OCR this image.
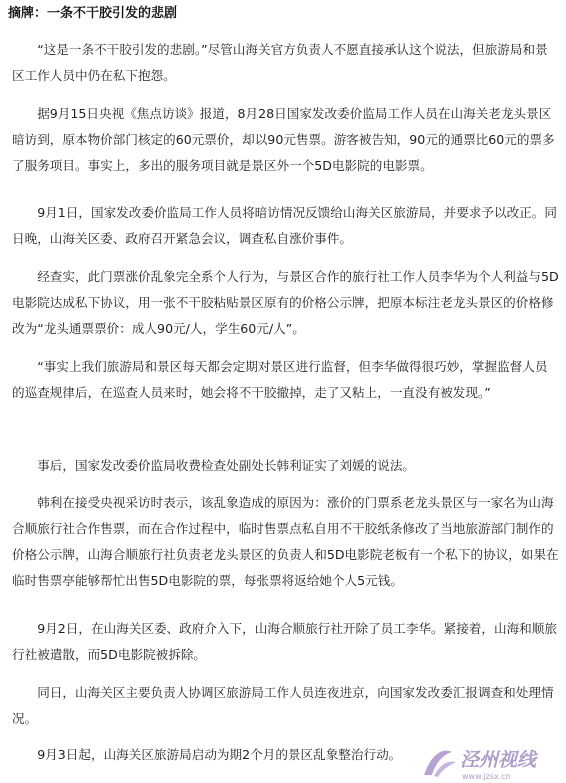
摘牌：一条不干胶引发的悲剧

“这是一条不干胶引发的悲剧。”尽管山海关官方负责人不愿直接承认这个说法，但旅游局和景区工作人员中仍在私下抱怨。

据9月15日央视《焦点访谈》报道，8月28日国家发改委价监局工作人员在山海关老龙头景区暗访到，原本物价部门核定的60元票价，却以90元售票。游客被告知，90元的通票比60元的票多了服务项目。事实上，多出的服务项目就是景区外一个5D电影院的电影票。

9月1日，国家发改委价监局工作人员将暗访情况反馈给山海关区旅游局，并要求予以改正。同日晚，山海关区委、政府召开紧急会议，调查私自涨价事件。

经查实，此门票涨价乱象完全系个人行为，与景区合作的旅行社工作人员李华为个人利益与5D电影院达成私下协议，用一张不干胶粘贴景区原有的价格公示牌，把原本标注老龙头景区的价格修改为“龙头通票票价：成人90元/人，学生60元/人”。

“事实上我们旅游局和景区每天都会定期对景区进行监督，但李华做得很巧妙，掌握监督人员的巡查规律后，在巡查人员来时，她会将不干胶撤掉，走了又粘上，一直没有被发现。”

事后，国家发改委价监局收费检查处副处长韩利证实了刘媛的说法。

韩利在接受央视采访时表示，该乱象造成的原因为：涨价的门票系老龙头景区与一家名为山海合顺旅行社合作售票，而在合作过程中，临时售票点私自用不干胶纸条修改了当地旅游部门制作的价格公示牌，山海合顺旅行社负责老龙头景区的负责人和5D电影院老板有一个私下的协议，如果在临时售票亭能够帮忙出售5D电影院的票，每张票将返给她个人5元钱。

9月2日，在山海关区委、政府介入下，山海合顺旅行社开除了员工李华。紧接着，山海和顺旅行社被遣散，而5D电影院被拆除。

同日，山海关区主要负责人协调区旅游局工作人员连夜进京，向国家发改委汇报调查和处理情况。

9月3日起，山海关区旅游局启动为期2个月的景区乱象整治行动。	泾州视线
www.jzsx.cn
